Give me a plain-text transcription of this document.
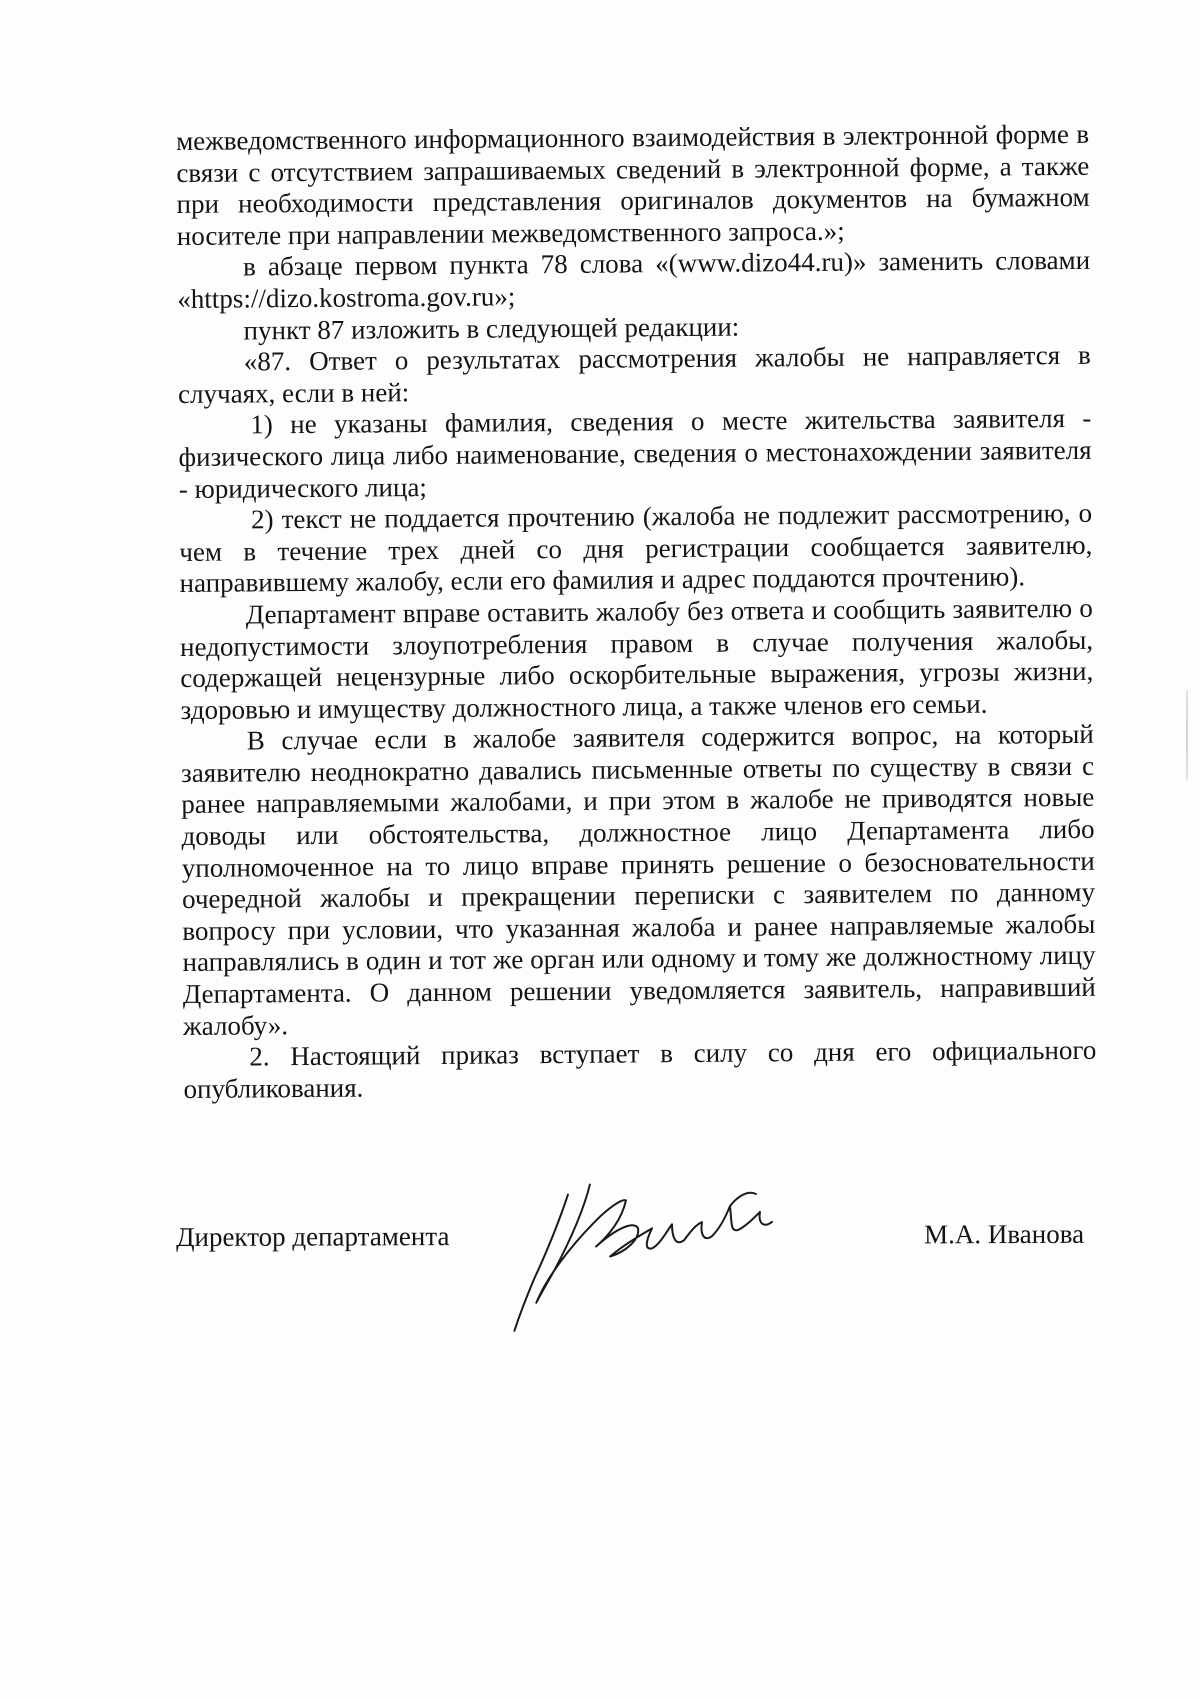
межведомственного информационного взаимодействия в электронной форме в связи с отсутствием запрашиваемых сведений в электронной форме, а также при необходимости представления оригиналов документов на бумажном носителе при направлении межведомственного запроса.»;

в абзаце первом пункта 78 слова «(www.dizo44.ru)» заменить словами «https://dizo.kostroma.gov.ru»;

пункт 87 изложить в следующей редакции:

«87. Ответ о результатах рассмотрения жалобы не направляется в случаях, если в ней:

1) не указаны фамилия, сведения о месте жительства заявителя - физического лица либо наименование, сведения о местонахождении заявителя - юридического лица;

2) текст не поддается прочтению (жалоба не подлежит рассмотрению, о чем в течение трех дней со дня регистрации сообщается заявителю, направившему жалобу, если его фамилия и адрес поддаются прочтению).

Департамент вправе оставить жалобу без ответа и сообщить заявителю о недопустимости злоупотребления правом в случае получения жалобы, содержащей нецензурные либо оскорбительные выражения, угрозы жизни, здоровью и имуществу должностного лица, а также членов его семьи.

В случае если в жалобе заявителя содержится вопрос, на который заявителю неоднократно давались письменные ответы по существу в связи с ранее направляемыми жалобами, и при этом в жалобе не приводятся новые доводы или обстоятельства, должностное лицо Департамента либо уполномоченное на то лицо вправе принять решение о безосновательности очередной жалобы и прекращении переписки с заявителем по данному вопросу при условии, что указанная жалоба и ранее направляемые жалобы направлялись в один и тот же орган или одному и тому же должностному лицу Департамента. О данном решении уведомляется заявитель, направивший жалобу».

2. Настоящий приказ вступает в силу со дня его официального опубликования.

Директор департамента	М.А. Иванова
